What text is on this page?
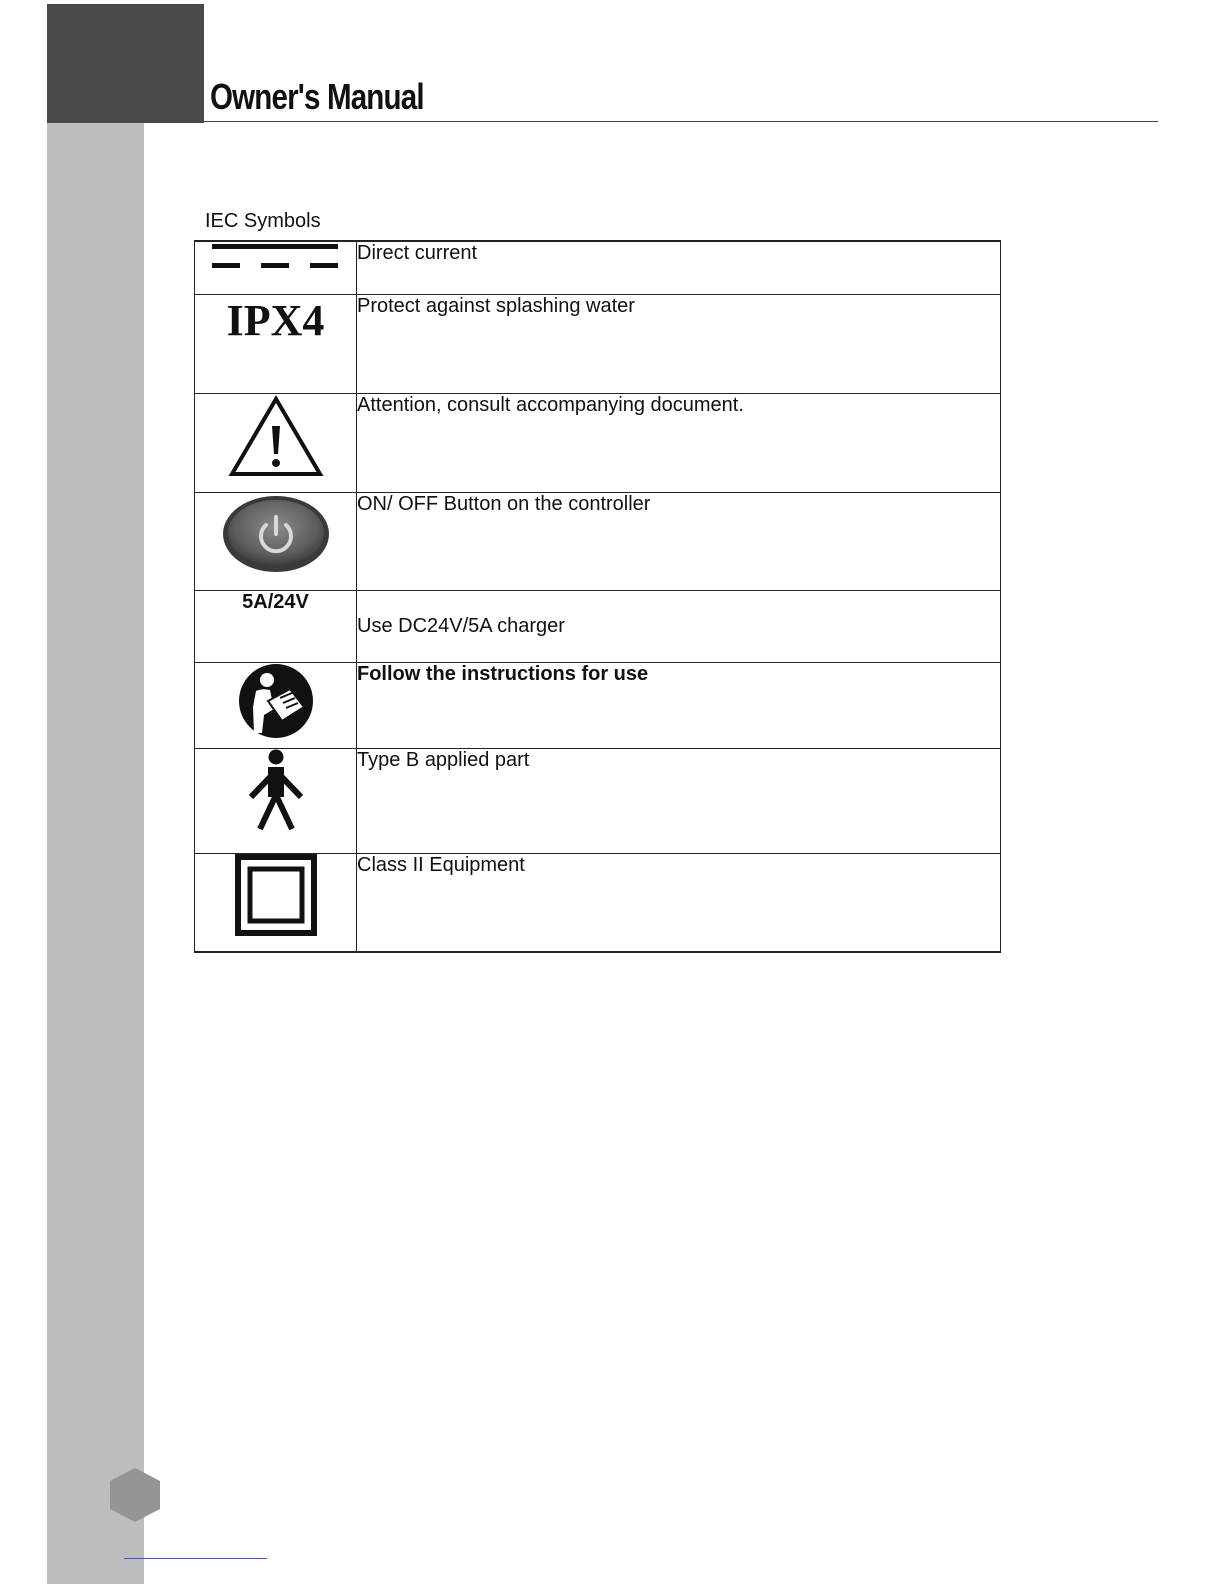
Owner's Manual
IEC Symbols
	Direct current
IPX4	Protect against splashing water

	Attention, consult accompanying document.

	ON/ OFF Button on the controller
5A/24V	Use DC24V/5A charger

	Follow the instructions for use

	Type B applied part

	Class II Equipment
